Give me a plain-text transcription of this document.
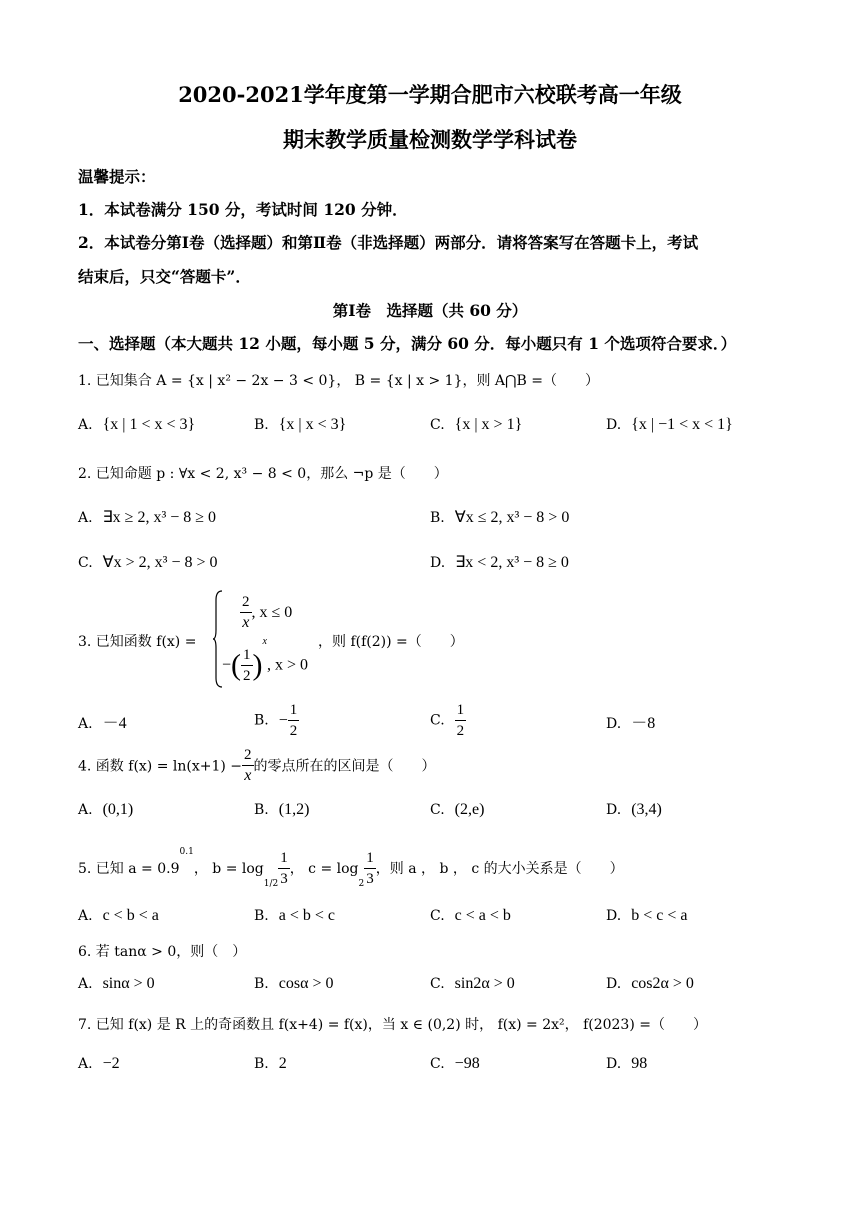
2020-2021学年度第一学期合肥市六校联考高一年级
期末教学质量检测数学学科试卷
温馨提示：
1．本试卷满分 150 分，考试时间 120 分钟．
2．本试卷分第Ⅰ卷（选择题）和第Ⅱ卷（非选择题）两部分．请将答案写在答题卡上，考试
结束后，只交“答题卡”．
第Ⅰ卷　选择题（共 60 分）
一、选择题（本大题共 12 小题，每小题 5 分，满分 60 分．每小题只有 1 个选项符合要求．）
1. 已知集合 A = {x | x² − 2x − 3 < 0}， B = {x | x > 1}，则 A⋂B =（　　）
A. {x | 1 < x < 3}	B. {x | x < 3}	C. {x | x > 1}	D. {x | −1 < x < 1}
2. 已知命题 p : ∀x < 2, x³ − 8 < 0，那么 ¬p 是（　　）
A. ∃x ≥ 2, x³ − 8 ≥ 0	B. ∀x ≤ 2, x³ − 8 > 0
C. ∀x > 2, x³ − 8 > 0	D. ∃x < 2, x³ − 8 ≥ 0
3. 已知函数 f(x) =
$\frac{2}{x}$ , x ≤ 0
−( $\frac{1}{2} )^x$, x > 0
，则 f(f(2)) =（　　）
A. －4	B. − $\frac{1}{2}$	C. $\frac{1}{2}$	D. －8
4. 函数 $f(x) = \ln(x+1) - \frac{2}{x}$ 的零点所在的区间是（　　）
A. (0,1)	B. (1,2)	C. (2,e)	D. (3,4)
5. 已知 $a = 0.9^{0.1}$， $b = \log_{1/2} \frac{1}{3}$ ， $c = \log_2 \frac{1}{3}$ ，则 a ， b ， c 的大小关系是（　　）
A. c < b < a	B. a < b < c	C. c < a < b	D. b < c < a
6. 若 tanα > 0，则（　）
A. sinα > 0	B. cosα > 0	C. sin2α > 0	D. cos2α > 0
7. 已知 f(x) 是 R 上的奇函数且 f(x+4) = f(x)，当 x ∈ (0,2) 时， f(x) = 2x²， f(2023) =（　　）
A. −2	B. 2	C. −98	D. 98
